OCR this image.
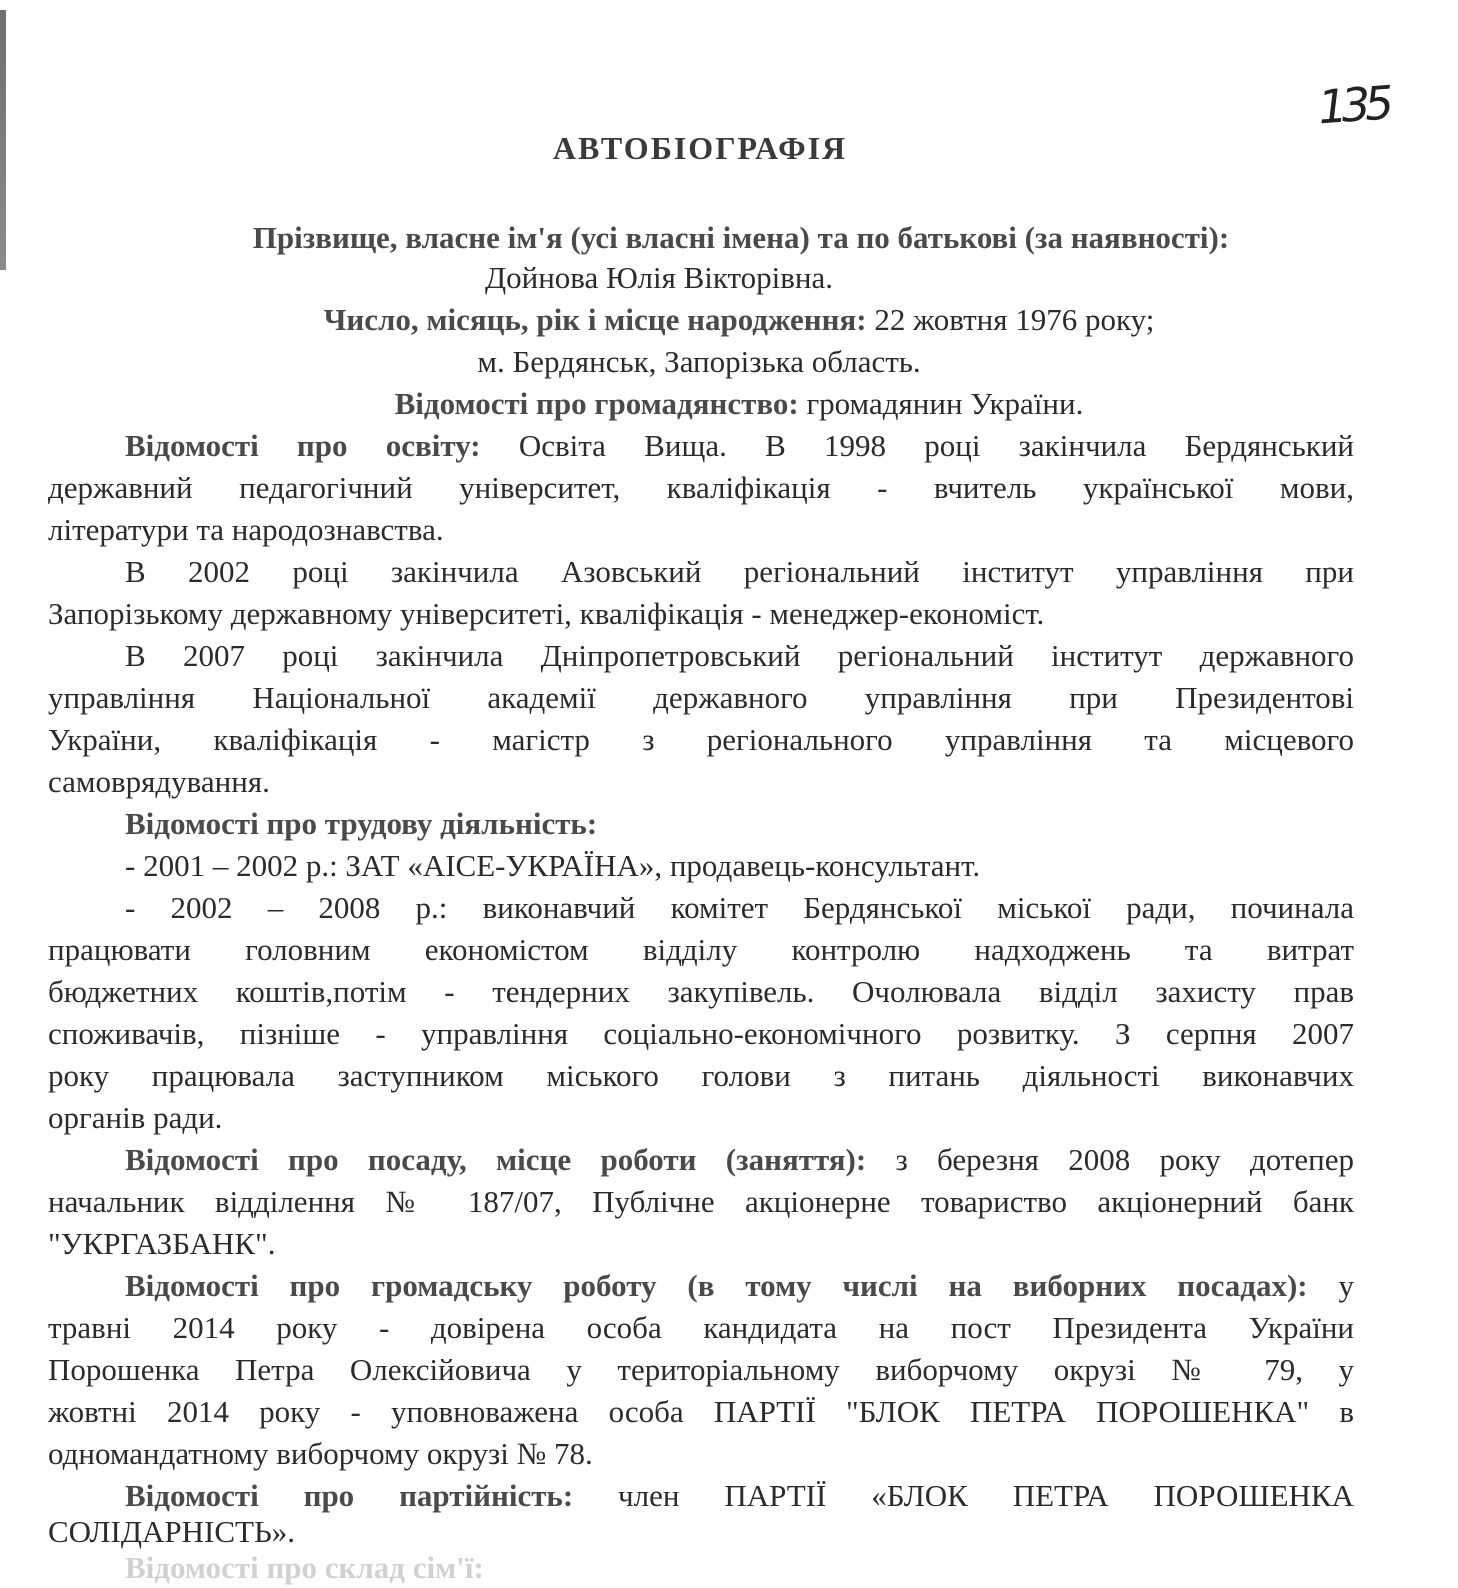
135
АВТОБІОГРАФІЯ
Прізвище, власне ім'я (усі власні імена) та по батькові (за наявності):
Дойнова Юлія Вікторівна.
Число, місяць, рік і місце народження: 22 жовтня 1976 року;
м. Бердянськ, Запорізька область.
Відомості про громадянство: громадянин України.
Відомості про освіту: Освіта Вища. В 1998 році закінчила Бердянський
державний педагогічний університет, кваліфікація - вчитель української мови,
літератури та народознавства.
В 2002 році закінчила Азовський регіональний інститут управління при
Запорізькому державному університеті, кваліфікація - менеджер-економіст.
В 2007 році закінчила Дніпропетровський регіональний інститут державного
управління Національної академії державного управління при Президентові
України, кваліфікація - магістр з регіонального управління та місцевого
самоврядування.
Відомості про трудову діяльність:
- 2001 – 2002 р.: ЗАТ «АІСЕ-УКРАЇНА», продавець-консультант.
- 2002 – 2008 р.: виконавчий комітет Бердянської міської ради, починала
працювати головним економістом відділу контролю надходжень та витрат
бюджетних коштів,потім - тендерних закупівель. Очолювала відділ захисту прав
споживачів, пізніше - управління соціально-економічного розвитку. З серпня 2007
року працювала заступником міського голови з питань діяльності виконавчих
органів ради.
Відомості про посаду, місце роботи (заняття): з березня 2008 року дотепер
начальник відділення № 187/07, Публічне акціонерне товариство акціонерний банк
"УКРГАЗБАНК".
Відомості про громадську роботу (в тому числі на виборних посадах): у
травні 2014 року - довірена особа кандидата на пост Президента України
Порошенка Петра Олексійовича у територіальному виборчому окрузі № 79, у
жовтні 2014 року - уповноважена особа ПАРТІЇ "БЛОК ПЕТРА ПОРОШЕНКА" в
одномандатному виборчому окрузі № 78.
Відомості про партійність: член ПАРТІЇ «БЛОК ПЕТРА ПОРОШЕНКА
СОЛІДАРНІСТЬ».
Відомості про склад сім'ї:
